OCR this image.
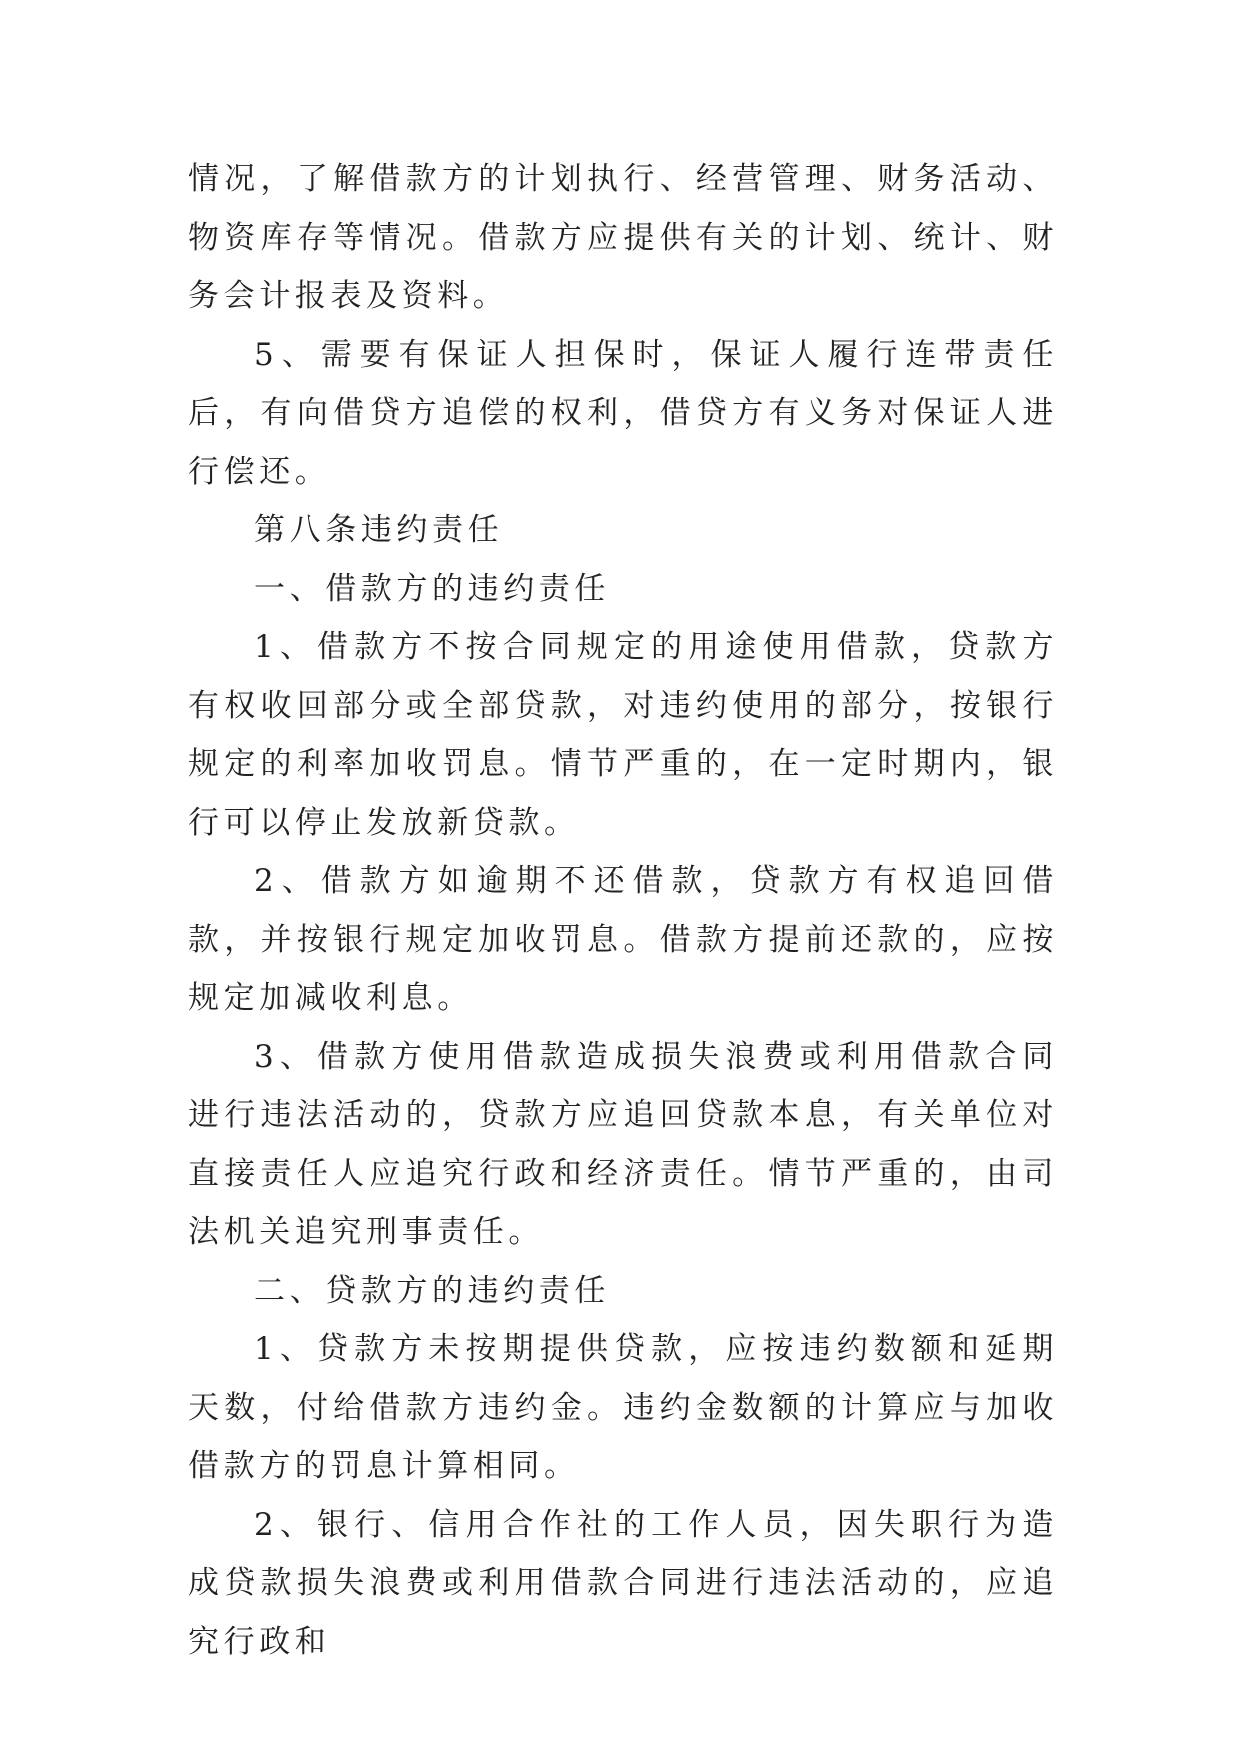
情况，了解借款方的计划执行、经营管理、财务活动、物资库存等情况。借款方应提供有关的计划、统计、财务会计报表及资料。

5、需要有保证人担保时，保证人履行连带责任后，有向借贷方追偿的权利，借贷方有义务对保证人进行偿还。

第八条违约责任

一、借款方的违约责任

1、借款方不按合同规定的用途使用借款，贷款方有权收回部分或全部贷款，对违约使用的部分，按银行规定的利率加收罚息。情节严重的，在一定时期内，银行可以停止发放新贷款。

2、借款方如逾期不还借款，贷款方有权追回借款，并按银行规定加收罚息。借款方提前还款的，应按规定加减收利息。

3、借款方使用借款造成损失浪费或利用借款合同进行违法活动的，贷款方应追回贷款本息，有关单位对直接责任人应追究行政和经济责任。情节严重的，由司法机关追究刑事责任。

二、贷款方的违约责任

1、贷款方未按期提供贷款，应按违约数额和延期天数，付给借款方违约金。违约金数额的计算应与加收借款方的罚息计算相同。

2、银行、信用合作社的工作人员，因失职行为造成贷款损失浪费或利用借款合同进行违法活动的，应追究行政和
